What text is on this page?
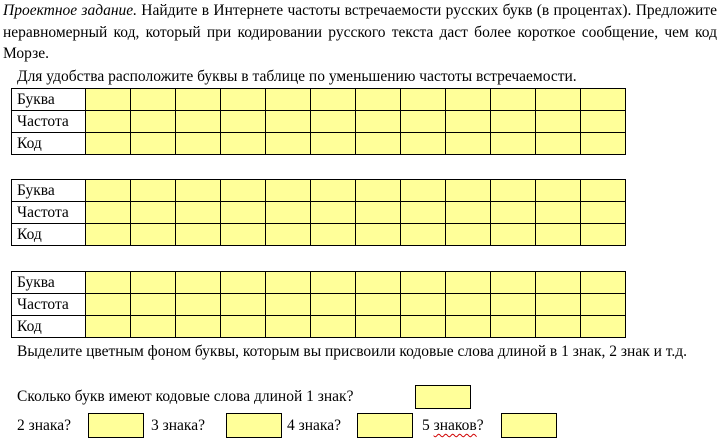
Проектное задание. Найдите в Интернете частоты встречаемости русских букв (в процентах). Предложите неравномерный код, который при кодировании русского текста даст более короткое сообщение, чем код Морзе.

Для удобства расположите буквы в таблице по уменьшению частоты встречаемости.
Буква												
Частота												
Код												
Буква												
Частота												
Код												
Буква												
Частота												
Код												

Выделите цветным фоном буквы, которым вы присвоили кодовые слова длиной в 1 знак, 2 знак и т.д.

Сколько букв имеют кодовые слова длиной 1 знак?
2 знака?	3 знака?	4 знака?	5 знаков?
